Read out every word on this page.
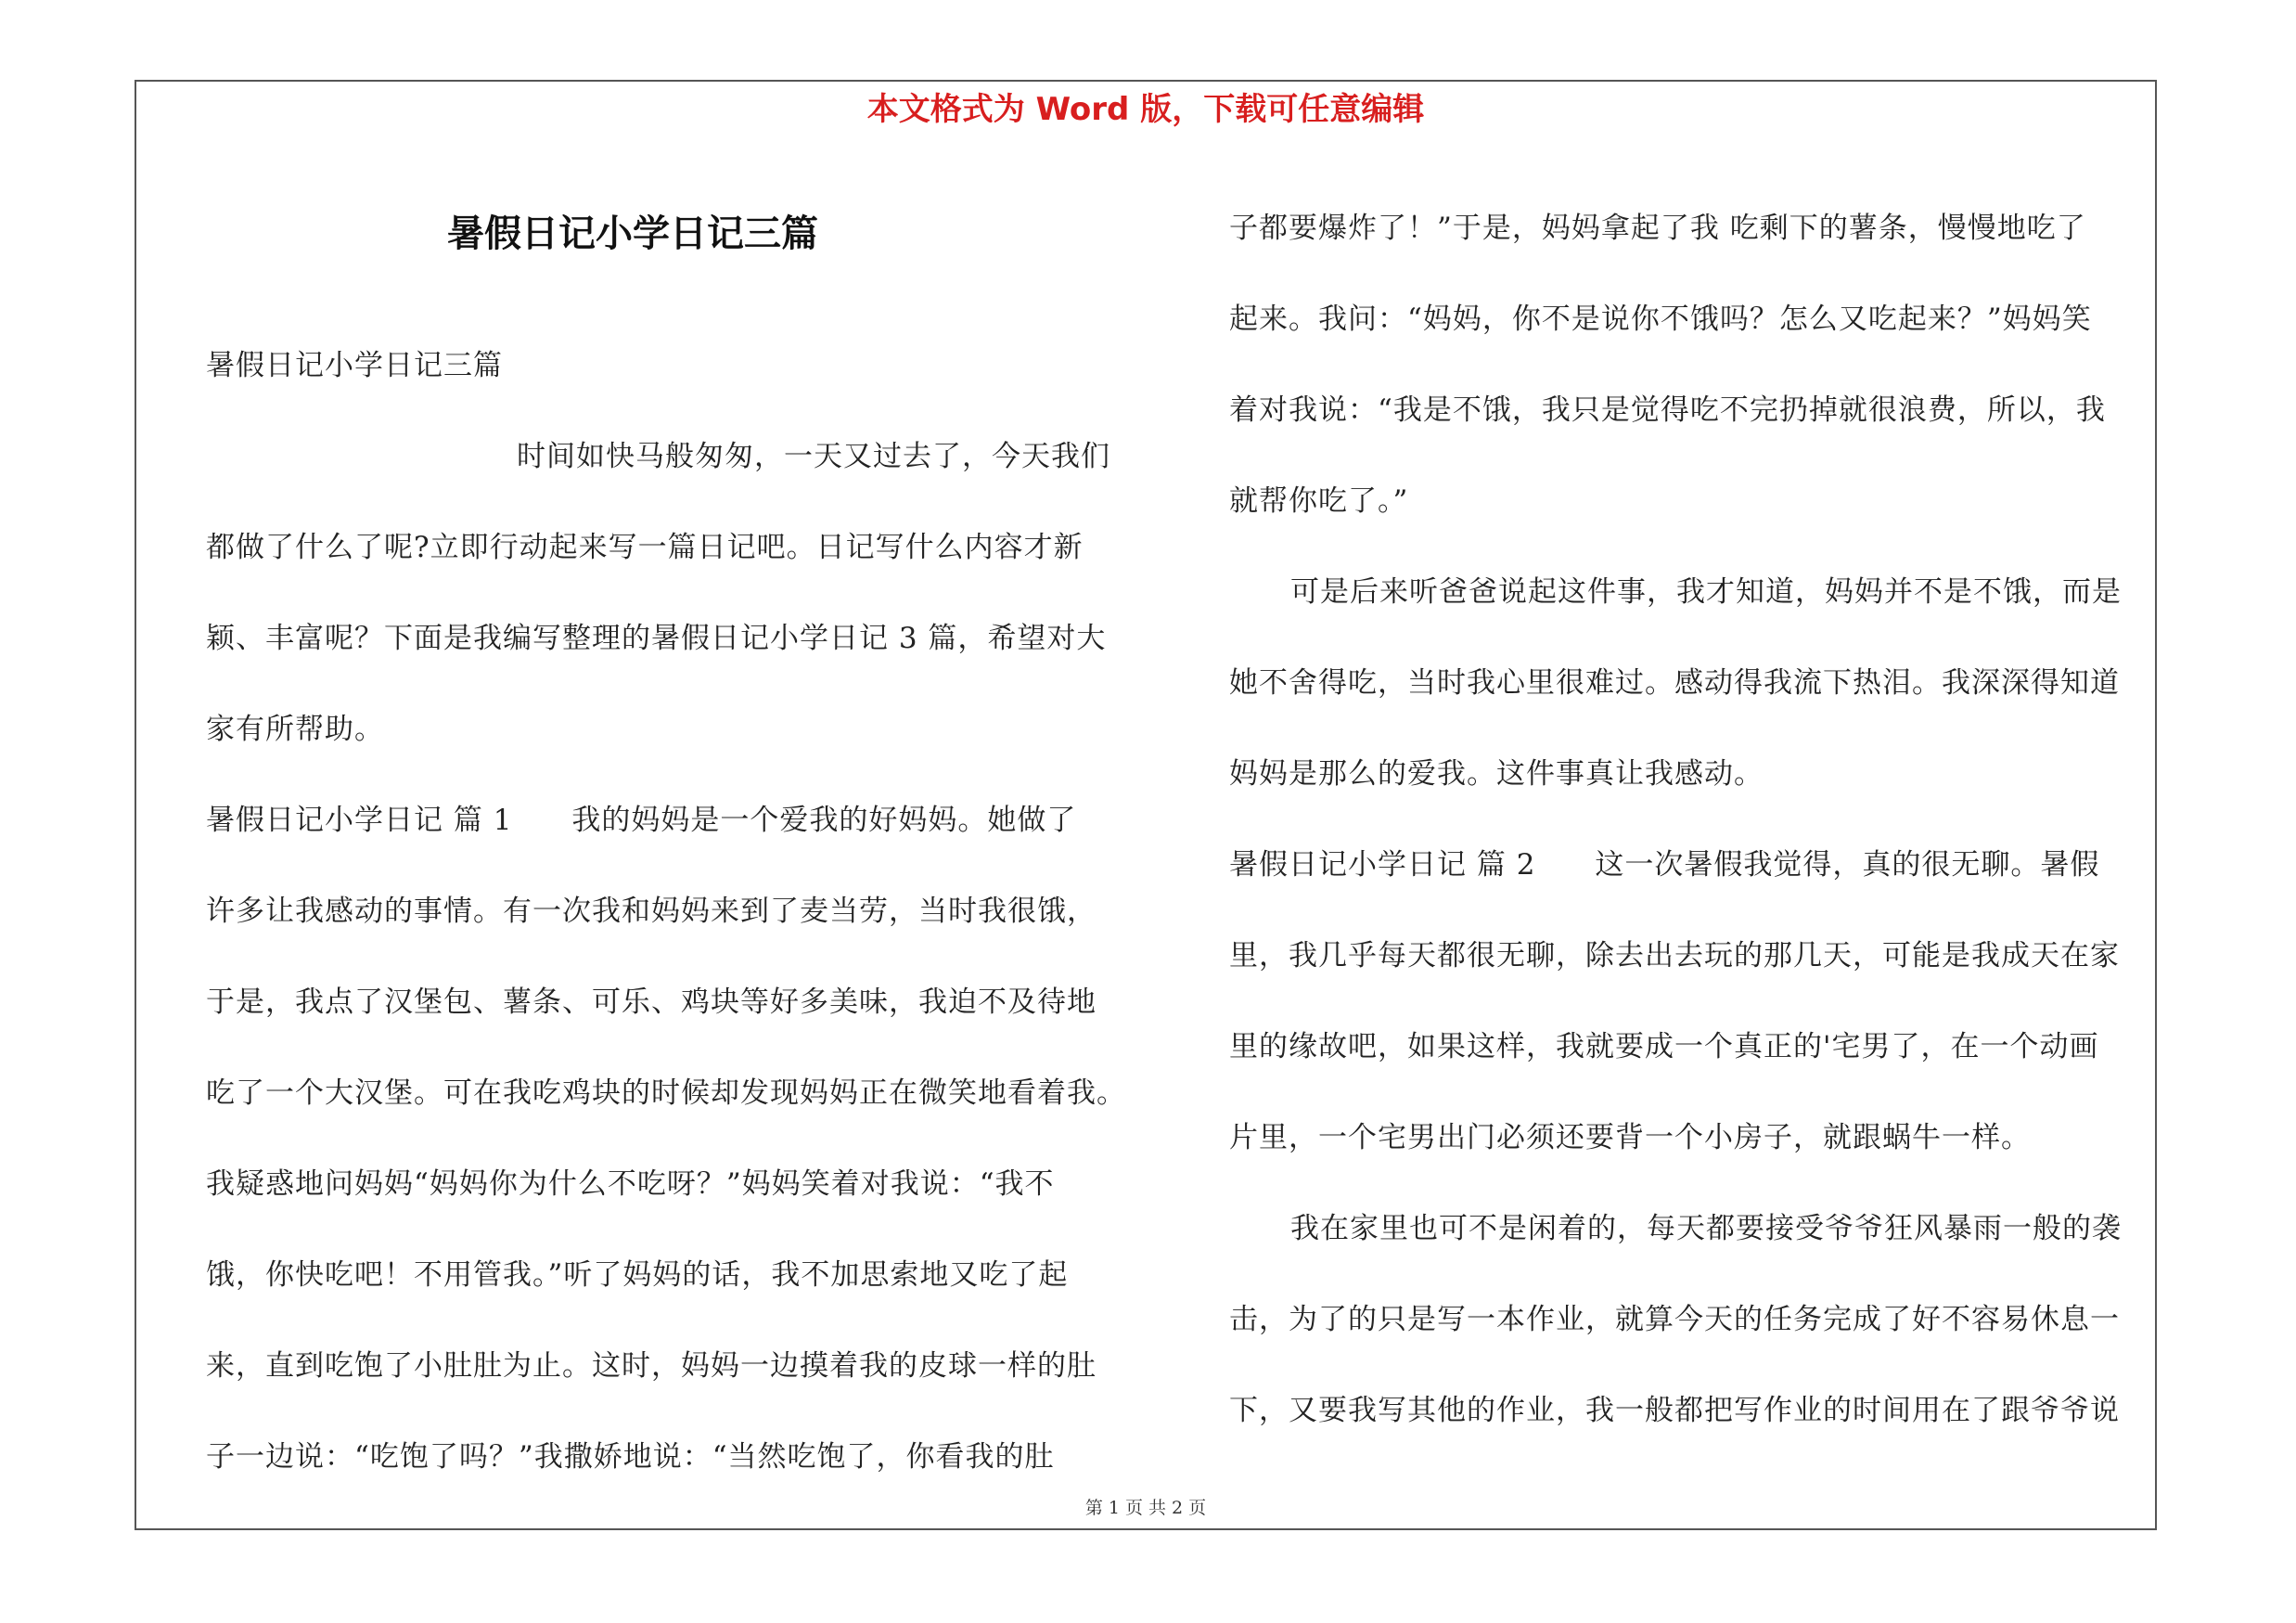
本文格式为 Word 版，下载可任意编辑
暑假日记小学日记三篇
暑假日记小学日记三篇
时间如快马般匆匆，一天又过去了，今天我们
都做了什么了呢?立即行动起来写一篇日记吧。日记写什么内容才新
颖、丰富呢？下面是我编写整理的暑假日记小学日记 3 篇，希望对大
家有所帮助。
暑假日记小学日记 篇 1　　我的妈妈是一个爱我的好妈妈。她做了
许多让我感动的事情。有一次我和妈妈来到了麦当劳，当时我很饿，
于是，我点了汉堡包、薯条、可乐、鸡块等好多美味，我迫不及待地
吃了一个大汉堡。可在我吃鸡块的时候却发现妈妈正在微笑地看着我。
我疑惑地问妈妈“妈妈你为什么不吃呀？”妈妈笑着对我说：“我不
饿，你快吃吧！不用管我。”听了妈妈的话，我不加思索地又吃了起
来，直到吃饱了小肚肚为止。这时，妈妈一边摸着我的皮球一样的肚
子一边说：“吃饱了吗？”我撒娇地说：“当然吃饱了，你看我的肚
子都要爆炸了！”于是，妈妈拿起了我 吃剩下的薯条，慢慢地吃了
起来。我问：“妈妈，你不是说你不饿吗？怎么又吃起来？”妈妈笑
着对我说：“我是不饿，我只是觉得吃不完扔掉就很浪费，所以，我
就帮你吃了。”
可是后来听爸爸说起这件事，我才知道，妈妈并不是不饿，而是
她不舍得吃，当时我心里很难过。感动得我流下热泪。我深深得知道
妈妈是那么的爱我。这件事真让我感动。
暑假日记小学日记 篇 2　　这一次暑假我觉得，真的很无聊。暑假
里，我几乎每天都很无聊，除去出去玩的那几天，可能是我成天在家
里的缘故吧，如果这样，我就要成一个真正的'宅男了，在一个动画
片里，一个宅男出门必须还要背一个小房子，就跟蜗牛一样。
我在家里也可不是闲着的，每天都要接受爷爷狂风暴雨一般的袭
击，为了的只是写一本作业，就算今天的任务完成了好不容易休息一
下，又要我写其他的作业，我一般都把写作业的时间用在了跟爷爷说
第 1 页 共 2 页
